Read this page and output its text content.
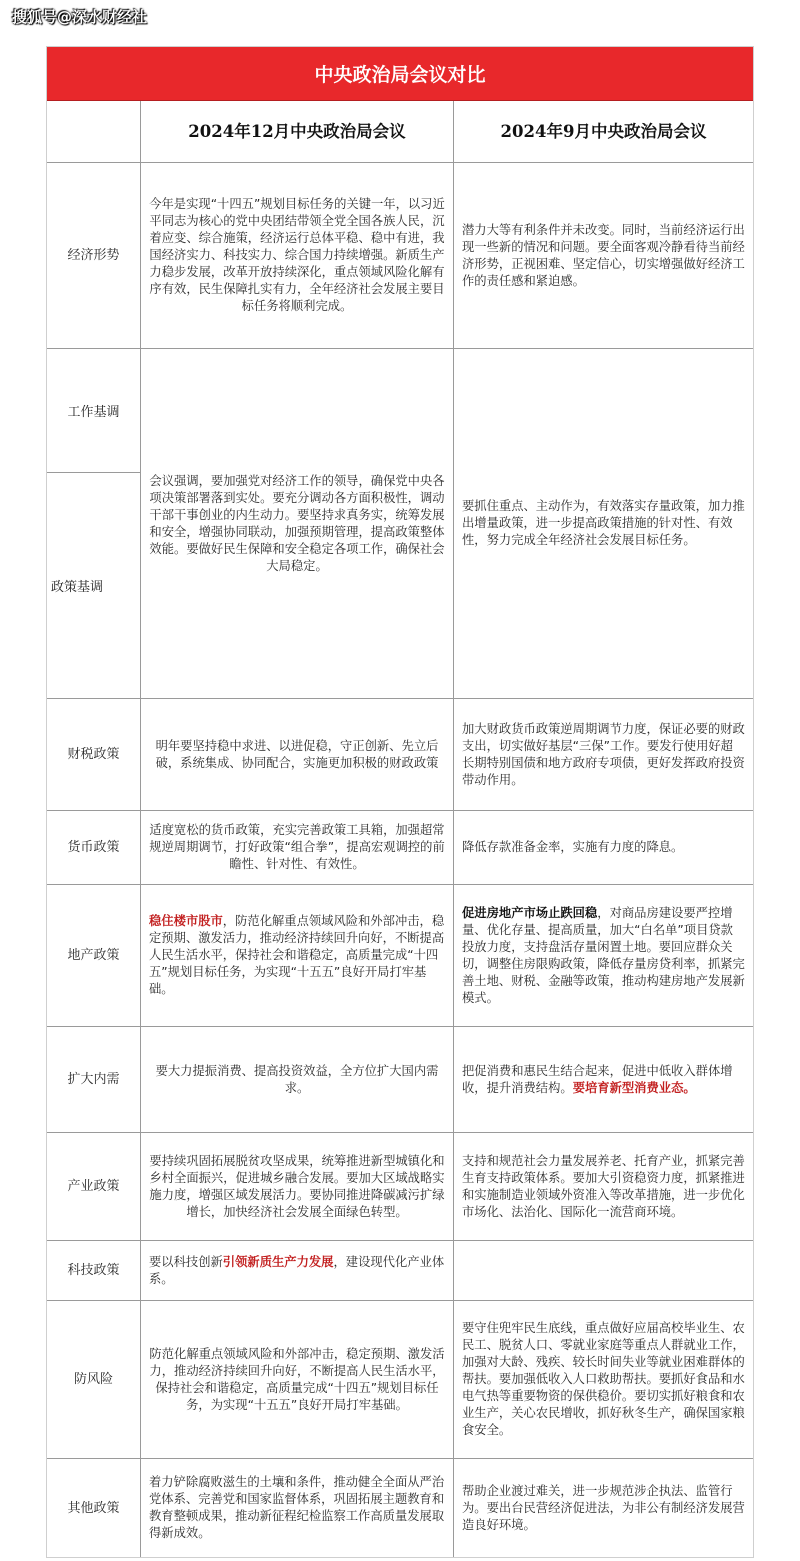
搜狐号@深水财经社
中央政治局会议对比
2024年12月中央政治局会议	2024年9月中央政治局会议
经济形势

今年是实现“十四五”规划目标任务的关键一年，以习近平同志为核心的党中央团结带领全党全国各族人民，沉着应变、综合施策，经济运行总体平稳、稳中有进，我国经济实力、科技实力、综合国力持续增强。新质生产力稳步发展，改革开放持续深化，重点领域风险化解有序有效，民生保障扎实有力，全年经济社会发展主要目标任务将顺利完成。

潜力大等有利条件并未改变。同时，当前经济运行出现一些新的情况和问题。要全面客观冷静看待当前经济形势，正视困难、坚定信心，切实增强做好经济工作的责任感和紧迫感。

工作基调
政策基调

会议强调，要加强党对经济工作的领导，确保党中央各项决策部署落到实处。要充分调动各方面积极性，调动干部干事创业的内生动力。要坚持求真务实，统筹发展和安全，增强协同联动，加强预期管理，提高政策整体效能。要做好民生保障和安全稳定各项工作，确保社会大局稳定。

要抓住重点、主动作为，有效落实存量政策，加力推出增量政策，进一步提高政策措施的针对性、有效性，努力完成全年经济社会发展目标任务。

财税政策

明年要坚持稳中求进、以进促稳，守正创新、先立后破，系统集成、协同配合，实施更加积极的财政政策

加大财政货币政策逆周期调节力度，保证必要的财政支出，切实做好基层“三保”工作。要发行使用好超长期特别国债和地方政府专项债，更好发挥政府投资带动作用。

货币政策

适度宽松的货币政策，充实完善政策工具箱，加强超常规逆周期调节，打好政策“组合拳”，提高宏观调控的前瞻性、针对性、有效性。

降低存款准备金率，实施有力度的降息。

地产政策

稳住楼市股市，防范化解重点领域风险和外部冲击，稳定预期、激发活力，推动经济持续回升向好，不断提高人民生活水平，保持社会和谐稳定，高质量完成“十四五”规划目标任务，为实现“十五五”良好开局打牢基础。

促进房地产市场止跌回稳，对商品房建设要严控增量、优化存量、提高质量，加大“白名单”项目贷款投放力度，支持盘活存量闲置土地。要回应群众关切，调整住房限购政策，降低存量房贷利率，抓紧完善土地、财税、金融等政策，推动构建房地产发展新模式。

扩大内需

要大力提振消费、提高投资效益，全方位扩大国内需求。

把促消费和惠民生结合起来，促进中低收入群体增收，提升消费结构。要培育新型消费业态。

产业政策

要持续巩固拓展脱贫攻坚成果，统筹推进新型城镇化和乡村全面振兴，促进城乡融合发展。要加大区域战略实施力度，增强区域发展活力。要协同推进降碳减污扩绿增长，加快经济社会发展全面绿色转型。

支持和规范社会力量发展养老、托育产业，抓紧完善生育支持政策体系。要加大引资稳资力度，抓紧推进和实施制造业领域外资准入等改革措施，进一步优化市场化、法治化、国际化一流营商环境。

科技政策

要以科技创新引领新质生产力发展，建设现代化产业体系。

防风险

防范化解重点领域风险和外部冲击，稳定预期、激发活力，推动经济持续回升向好，不断提高人民生活水平，保持社会和谐稳定，高质量完成“十四五”规划目标任务，为实现“十五五”良好开局打牢基础。

要守住兜牢民生底线，重点做好应届高校毕业生、农民工、脱贫人口、零就业家庭等重点人群就业工作，加强对大龄、残疾、较长时间失业等就业困难群体的帮扶。要加强低收入人口救助帮扶。要抓好食品和水电气热等重要物资的保供稳价。要切实抓好粮食和农业生产，关心农民增收，抓好秋冬生产，确保国家粮食安全。

其他政策

着力铲除腐败滋生的土壤和条件，推动健全全面从严治党体系、完善党和国家监督体系，巩固拓展主题教育和教育整顿成果，推动新征程纪检监察工作高质量发展取得新成效。

帮助企业渡过难关，进一步规范涉企执法、监管行为。要出台民营经济促进法，为非公有制经济发展营造良好环境。
